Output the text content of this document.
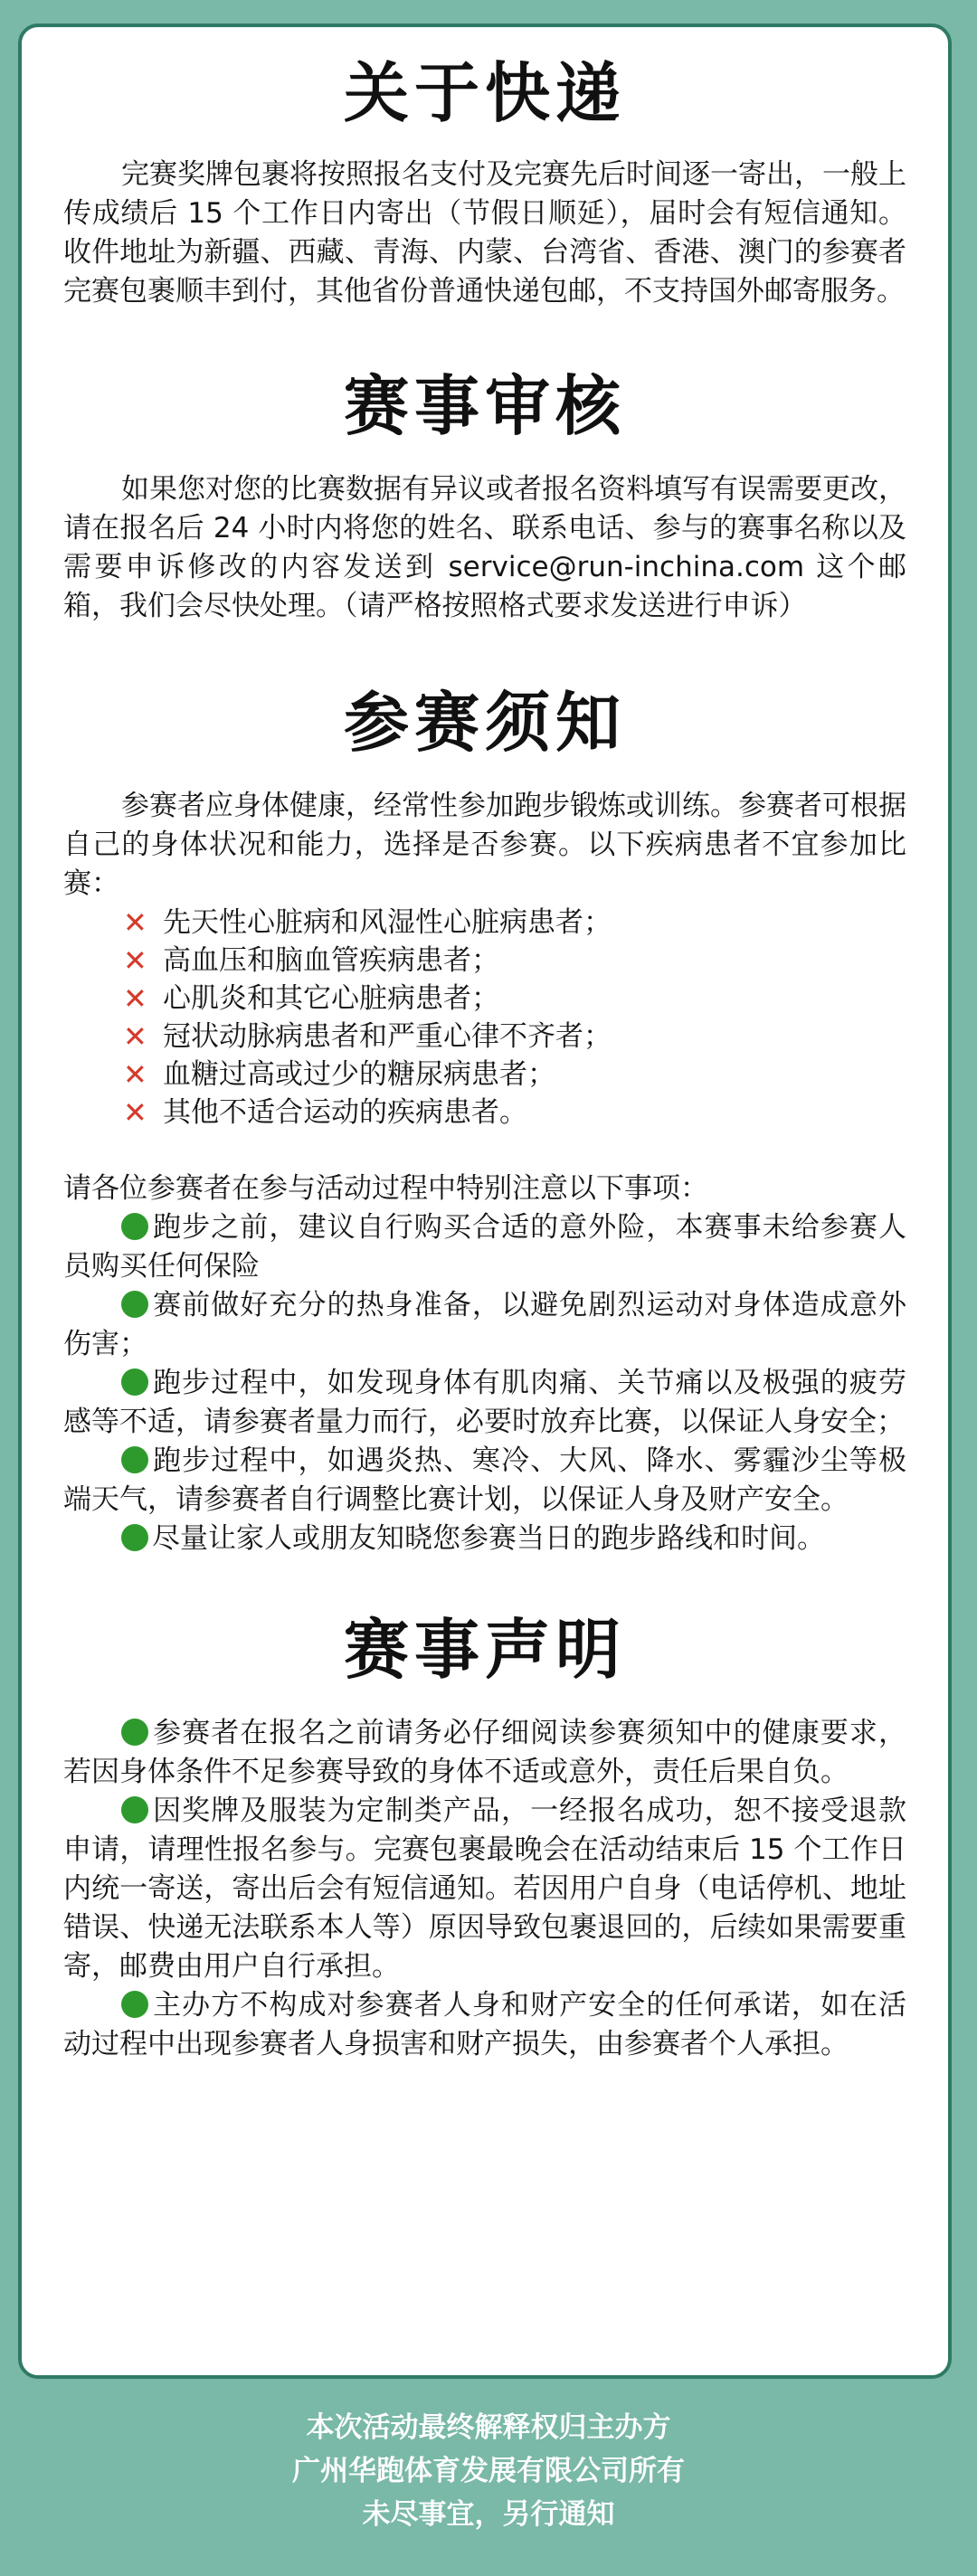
关于快递

完赛奖牌包裹将按照报名支付及完赛先后时间逐一寄出，一般上传成绩后 15 个工作日内寄出（节假日顺延），届时会有短信通知。收件地址为新疆、西藏、青海、内蒙、台湾省、香港、澳门的参赛者完赛包裹顺丰到付，其他省份普通快递包邮，不支持国外邮寄服务。

赛事审核

如果您对您的比赛数据有异议或者报名资料填写有误需要更改，请在报名后 24 小时内将您的姓名、联系电话、参与的赛事名称以及需要申诉修改的内容发送到 service@run-inchina.com 这个邮箱，我们会尽快处理。（请严格按照格式要求发送进行申诉）

参赛须知

参赛者应身体健康，经常性参加跑步锻炼或训练。参赛者可根据自己的身体状况和能力，选择是否参赛。以下疾病患者不宜参加比赛：

✕ 先天性心脏病和风湿性心脏病患者；
✕ 高血压和脑血管疾病患者；
✕ 心肌炎和其它心脏病患者；
✕ 冠状动脉病患者和严重心律不齐者；
✕ 血糖过高或过少的糖尿病患者；
✕ 其他不适合运动的疾病患者。

请各位参赛者在参与活动过程中特别注意以下事项：

跑步之前，建议自行购买合适的意外险，本赛事未给参赛人员购买任何保险

赛前做好充分的热身准备，以避免剧烈运动对身体造成意外伤害；

跑步过程中，如发现身体有肌肉痛、关节痛以及极强的疲劳感等不适，请参赛者量力而行，必要时放弃比赛，以保证人身安全；

跑步过程中，如遇炎热、寒冷、大风、降水、雾霾沙尘等极端天气，请参赛者自行调整比赛计划，以保证人身及财产安全。

尽量让家人或朋友知晓您参赛当日的跑步路线和时间。

赛事声明

参赛者在报名之前请务必仔细阅读参赛须知中的健康要求，若因身体条件不足参赛导致的身体不适或意外，责任后果自负。

因奖牌及服装为定制类产品，一经报名成功，恕不接受退款申请，请理性报名参与。完赛包裹最晚会在活动结束后 15 个工作日内统一寄送，寄出后会有短信通知。若因用户自身（电话停机、地址错误、快递无法联系本人等）原因导致包裹退回的，后续如果需要重寄，邮费由用户自行承担。

主办方不构成对参赛者人身和财产安全的任何承诺，如在活动过程中出现参赛者人身损害和财产损失，由参赛者个人承担。

本次活动最终解释权归主办方
广州华跑体育发展有限公司所有
未尽事宜，另行通知
